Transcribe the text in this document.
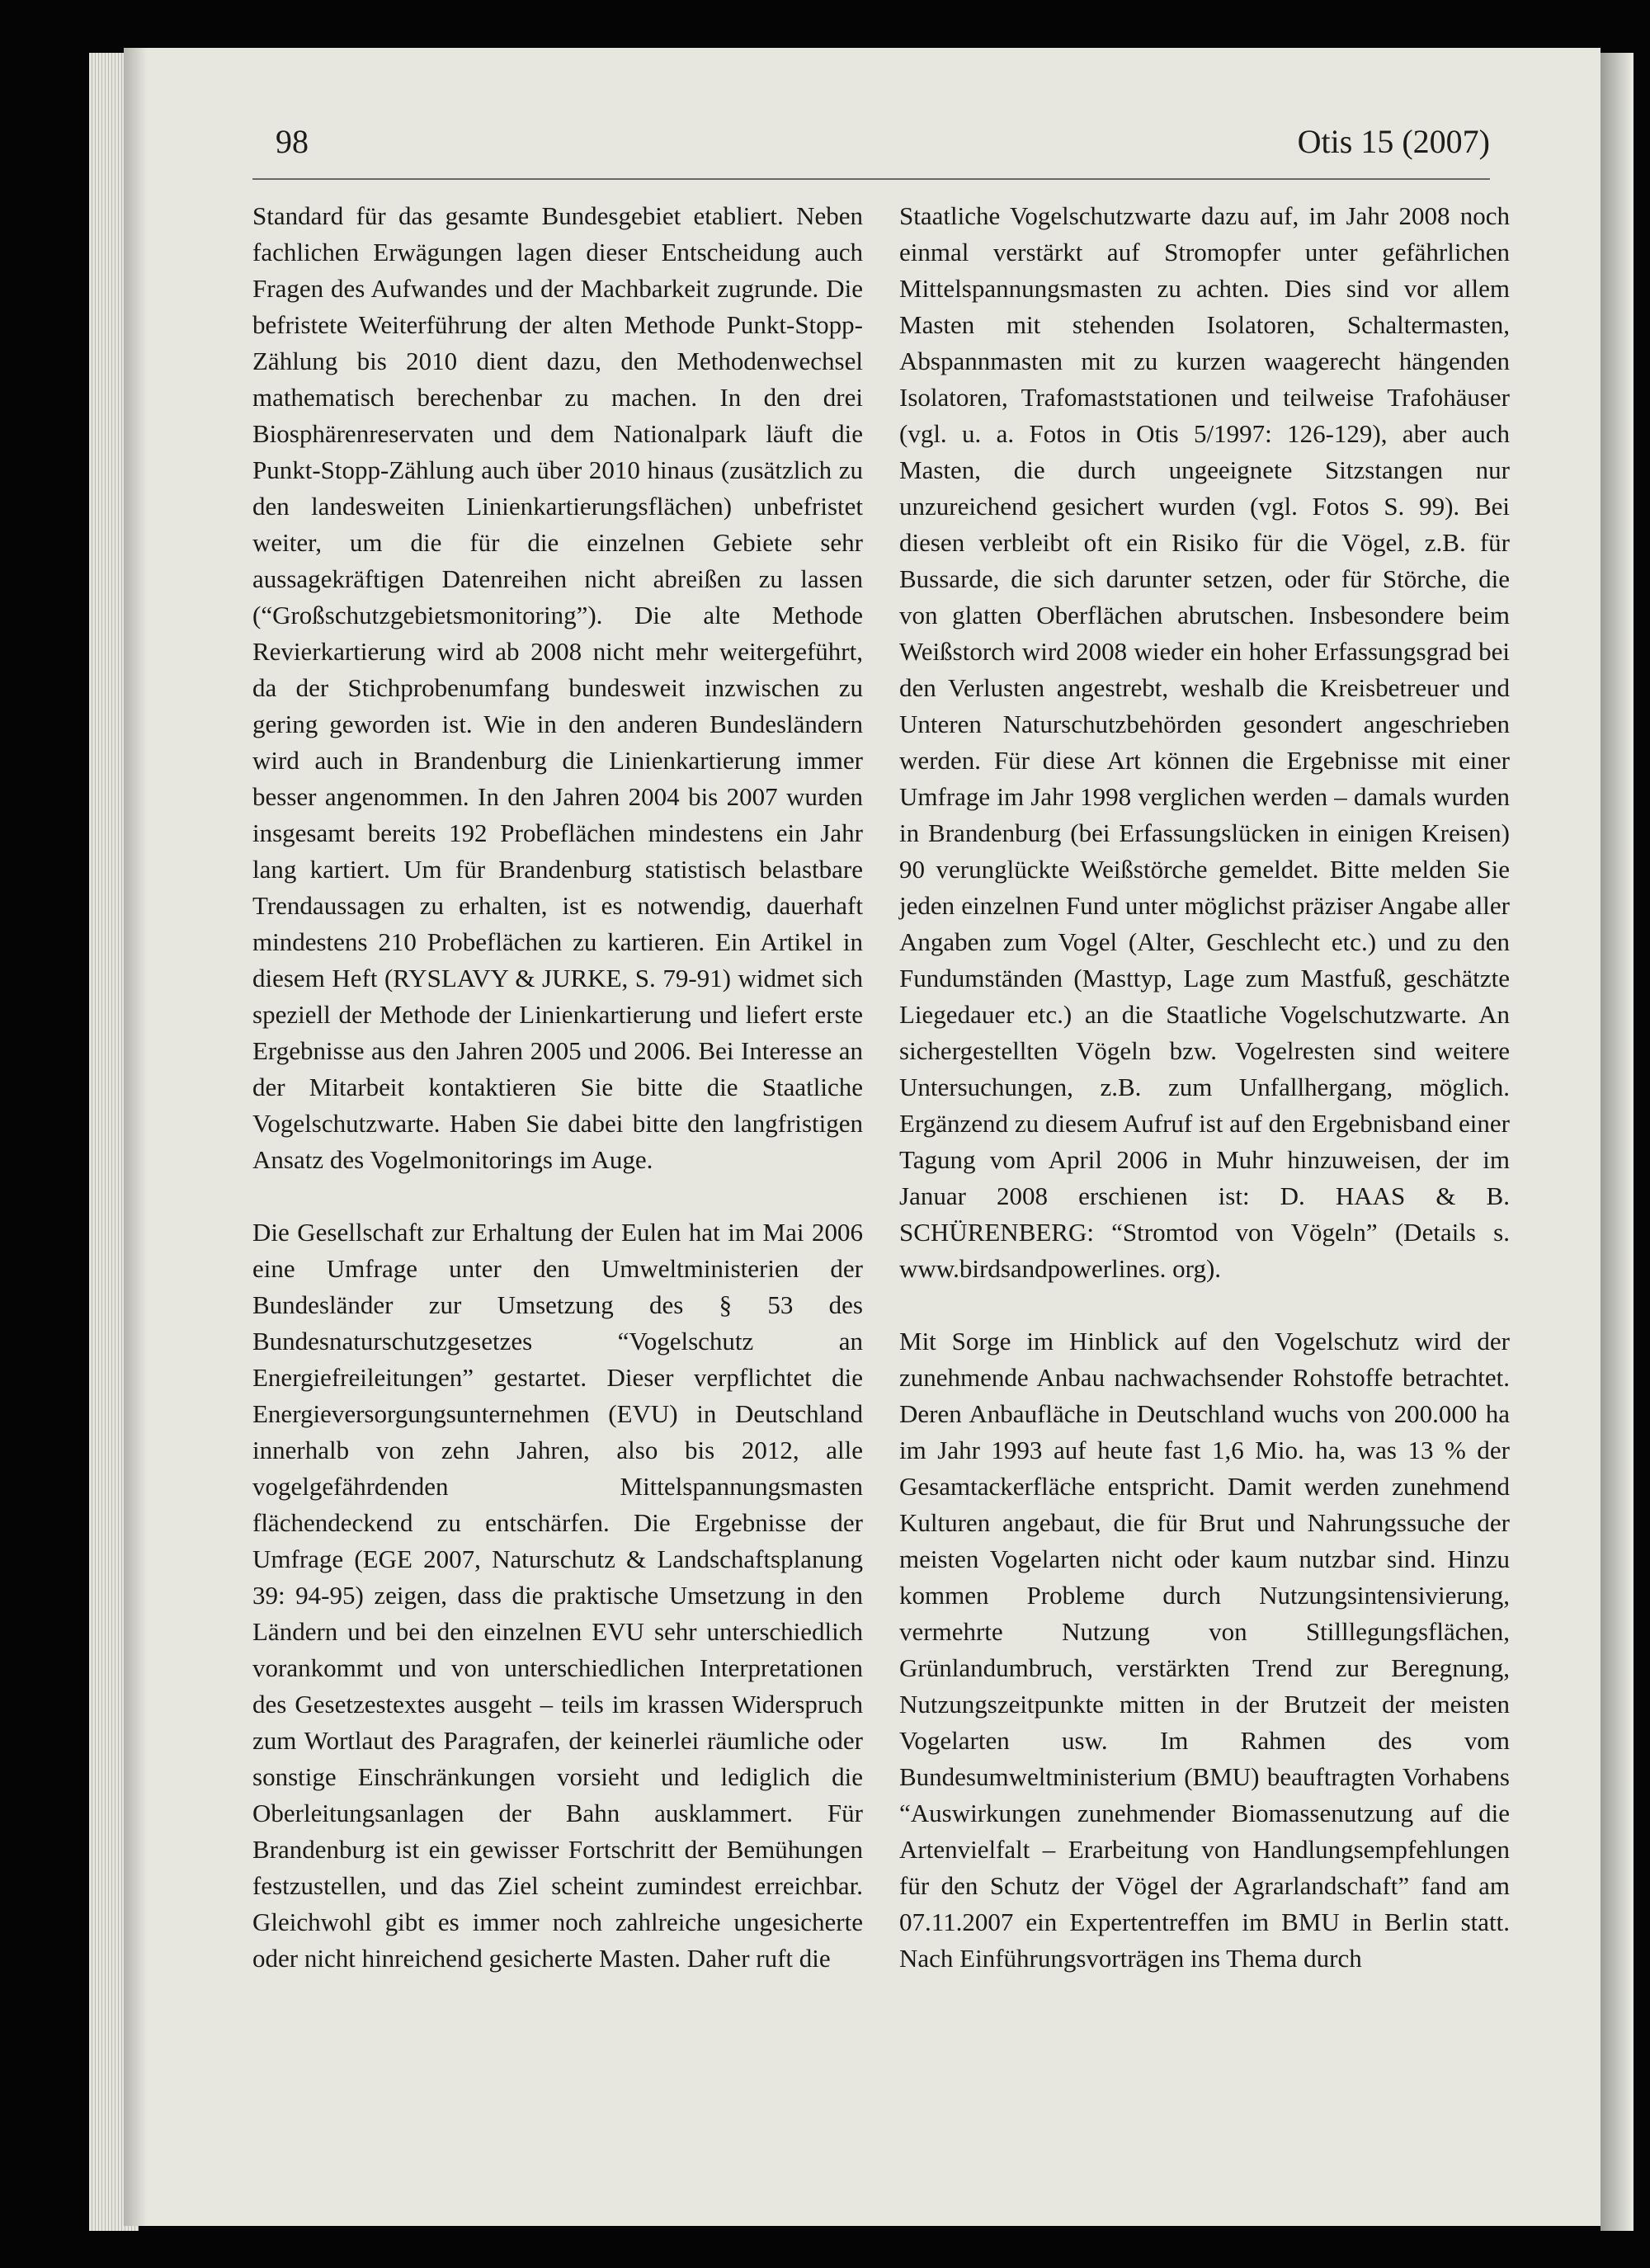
98	Otis 15 (2007)

Standard für das gesamte Bundesgebiet etabliert. Neben fachlichen Erwägungen lagen dieser Entscheidung auch Fragen des Aufwandes und der Machbarkeit zugrunde. Die befristete Weiterführung der alten Methode Punkt-Stopp-Zählung bis 2010 dient dazu, den Methodenwechsel mathematisch berechenbar zu machen. In den drei Biosphärenreservaten und dem Nationalpark läuft die Punkt-Stopp-Zählung auch über 2010 hinaus (zusätzlich zu den landesweiten Linienkartierungsflächen) unbefristet weiter, um die für die einzelnen Gebiete sehr aussagekräftigen Datenreihen nicht abreißen zu lassen (“Großschutzgebietsmonitoring”). Die alte Methode Revierkartierung wird ab 2008 nicht mehr weitergeführt, da der Stichprobenumfang bundesweit inzwischen zu gering geworden ist. Wie in den anderen Bundesländern wird auch in Brandenburg die Linienkartierung immer besser angenommen. In den Jahren 2004 bis 2007 wurden insgesamt bereits 192 Probeflächen mindestens ein Jahr lang kartiert. Um für Brandenburg statistisch belastbare Trendaussagen zu erhalten, ist es notwendig, dauerhaft mindestens 210 Probeflächen zu kartieren. Ein Artikel in diesem Heft (RYSLAVY & JURKE, S. 79-91) widmet sich speziell der Methode der Linienkartierung und liefert erste Ergebnisse aus den Jahren 2005 und 2006. Bei Interesse an der Mitarbeit kontaktieren Sie bitte die Staatliche Vogelschutzwarte. Haben Sie dabei bitte den langfristigen Ansatz des Vogelmonitorings im Auge.

Die Gesellschaft zur Erhaltung der Eulen hat im Mai 2006 eine Umfrage unter den Umweltministerien der Bundesländer zur Umsetzung des § 53 des Bundesnaturschutzgesetzes “Vogelschutz an Energiefreileitungen” gestartet. Dieser verpflichtet die Energieversorgungsunternehmen (EVU) in Deutschland innerhalb von zehn Jahren, also bis 2012, alle vogelgefährdenden Mittelspannungsmasten flächendeckend zu entschärfen. Die Ergebnisse der Umfrage (EGE 2007, Naturschutz & Landschaftsplanung 39: 94-95) zeigen, dass die praktische Umsetzung in den Ländern und bei den einzelnen EVU sehr unterschiedlich vorankommt und von unterschiedlichen Interpretationen des Gesetzestextes ausgeht – teils im krassen Widerspruch zum Wortlaut des Paragrafen, der keinerlei räumliche oder sonstige Einschränkungen vorsieht und lediglich die Oberleitungsanlagen der Bahn ausklammert. Für Brandenburg ist ein gewisser Fortschritt der Bemühungen festzustellen, und das Ziel scheint zumindest erreichbar. Gleichwohl gibt es immer noch zahlreiche ungesicherte oder nicht hinreichend gesicherte Masten. Daher ruft die

Staatliche Vogelschutzwarte dazu auf, im Jahr 2008 noch einmal verstärkt auf Stromopfer unter gefährlichen Mittelspannungsmasten zu achten. Dies sind vor allem Masten mit stehenden Isolatoren, Schaltermasten, Abspannmasten mit zu kurzen waagerecht hängenden Isolatoren, Trafomaststationen und teilweise Trafohäuser (vgl. u. a. Fotos in Otis 5/1997: 126-129), aber auch Masten, die durch ungeeignete Sitzstangen nur unzureichend gesichert wurden (vgl. Fotos S. 99). Bei diesen verbleibt oft ein Risiko für die Vögel, z.B. für Bussarde, die sich darunter setzen, oder für Störche, die von glatten Oberflächen abrutschen. Insbesondere beim Weißstorch wird 2008 wieder ein hoher Erfassungsgrad bei den Verlusten angestrebt, weshalb die Kreisbetreuer und Unteren Naturschutzbehörden gesondert angeschrieben werden. Für diese Art können die Ergebnisse mit einer Umfrage im Jahr 1998 verglichen werden – damals wurden in Brandenburg (bei Erfassungslücken in einigen Kreisen) 90 verunglückte Weißstörche gemeldet. Bitte melden Sie jeden einzelnen Fund unter möglichst präziser Angabe aller Angaben zum Vogel (Alter, Geschlecht etc.) und zu den Fundumständen (Masttyp, Lage zum Mastfuß, geschätzte Liegedauer etc.) an die Staatliche Vogelschutzwarte. An sichergestellten Vögeln bzw. Vogelresten sind weitere Untersuchungen, z.B. zum Unfallhergang, möglich. Ergänzend zu diesem Aufruf ist auf den Ergebnisband einer Tagung vom April 2006 in Muhr hinzuweisen, der im Januar 2008 erschienen ist: D. HAAS & B. SCHÜRENBERG: “Stromtod von Vögeln” (Details s. www.birdsandpowerlines. org).

Mit Sorge im Hinblick auf den Vogelschutz wird der zunehmende Anbau nachwachsender Rohstoffe betrachtet. Deren Anbaufläche in Deutschland wuchs von 200.000 ha im Jahr 1993 auf heute fast 1,6 Mio. ha, was 13 % der Gesamtackerfläche entspricht. Damit werden zunehmend Kulturen angebaut, die für Brut und Nahrungssuche der meisten Vogelarten nicht oder kaum nutzbar sind. Hinzu kommen Probleme durch Nutzungsintensivierung, vermehrte Nutzung von Stilllegungsflächen, Grünlandumbruch, verstärkten Trend zur Beregnung, Nutzungszeitpunkte mitten in der Brutzeit der meisten Vogelarten usw. Im Rahmen des vom Bundesumweltministerium (BMU) beauftragten Vorhabens “Auswirkungen zunehmender Biomassenutzung auf die Artenvielfalt – Erarbeitung von Handlungsempfehlungen für den Schutz der Vögel der Agrarlandschaft” fand am 07.11.2007 ein Expertentreffen im BMU in Berlin statt. Nach Einführungsvorträgen ins Thema durch
